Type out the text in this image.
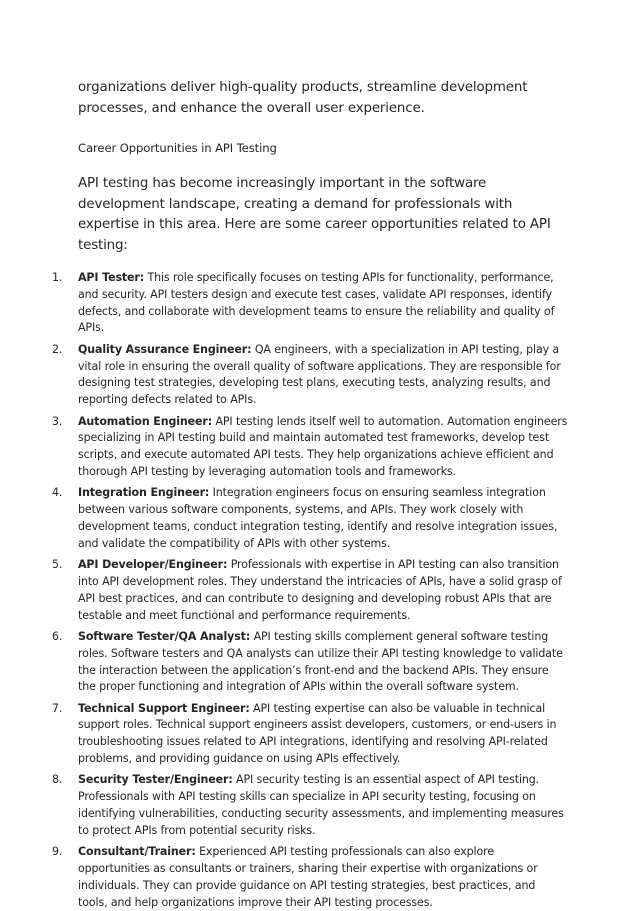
organizations deliver high-quality products, streamline development processes, and enhance the overall user experience.

Career Opportunities in API Testing

API testing has become increasingly important in the software development landscape, creating a demand for professionals with expertise in this area. Here are some career opportunities related to API testing:

1.	API Tester: This role specifically focuses on testing APIs for functionality, performance, and security. API testers design and execute test cases, validate API responses, identify defects, and collaborate with development teams to ensure the reliability and quality of APIs.
2.	Quality Assurance Engineer: QA engineers, with a specialization in API testing, play a vital role in ensuring the overall quality of software applications. They are responsible for designing test strategies, developing test plans, executing tests, analyzing results, and reporting defects related to APIs.
3.	Automation Engineer: API testing lends itself well to automation. Automation engineers specializing in API testing build and maintain automated test frameworks, develop test scripts, and execute automated API tests. They help organizations achieve efficient and thorough API testing by leveraging automation tools and frameworks.
4.	Integration Engineer: Integration engineers focus on ensuring seamless integration between various software components, systems, and APIs. They work closely with development teams, conduct integration testing, identify and resolve integration issues, and validate the compatibility of APIs with other systems.
5.	API Developer/Engineer: Professionals with expertise in API testing can also transition into API development roles. They understand the intricacies of APIs, have a solid grasp of API best practices, and can contribute to designing and developing robust APIs that are testable and meet functional and performance requirements.
6.	Software Tester/QA Analyst: API testing skills complement general software testing roles. Software testers and QA analysts can utilize their API testing knowledge to validate the interaction between the application’s front-end and the backend APIs. They ensure the proper functioning and integration of APIs within the overall software system.
7.	Technical Support Engineer: API testing expertise can also be valuable in technical support roles. Technical support engineers assist developers, customers, or end-users in troubleshooting issues related to API integrations, identifying and resolving API-related problems, and providing guidance on using APIs effectively.
8.	Security Tester/Engineer: API security testing is an essential aspect of API testing. Professionals with API testing skills can specialize in API security testing, focusing on identifying vulnerabilities, conducting security assessments, and implementing measures to protect APIs from potential security risks.
9.	Consultant/Trainer: Experienced API testing professionals can also explore opportunities as consultants or trainers, sharing their expertise with organizations or individuals. They can provide guidance on API testing strategies, best practices, and tools, and help organizations improve their API testing processes.
